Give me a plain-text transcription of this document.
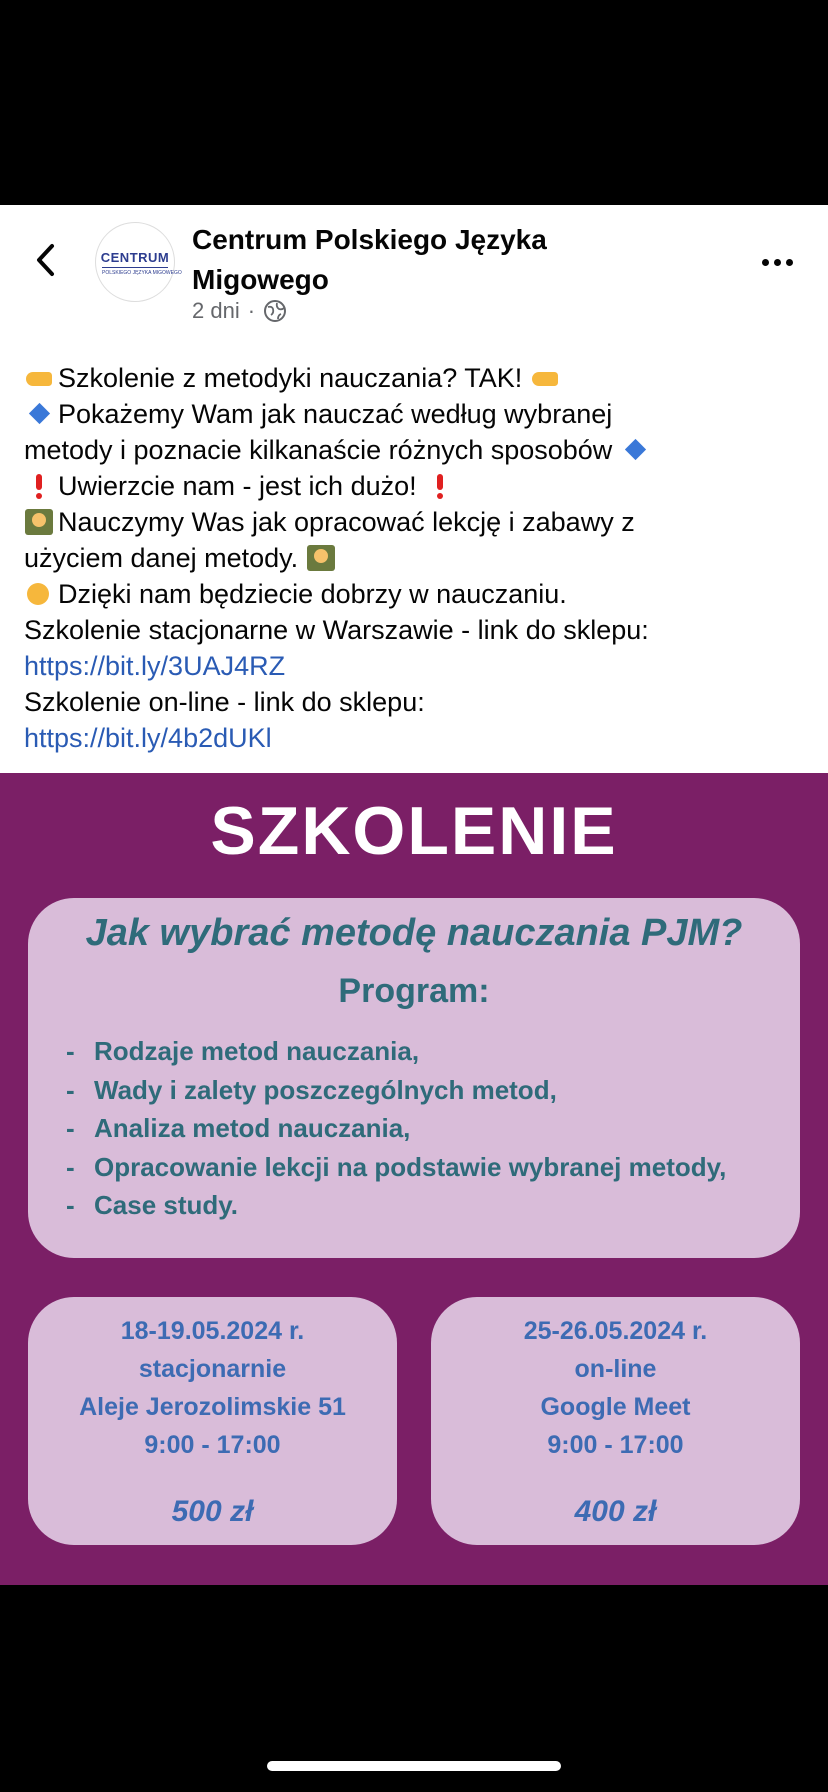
CENTRUM
POLSKIEGO JĘZYKA MIGOWEGO
Centrum Polskiego Języka Migowego
2 dni ·
Szkolenie z metodyki nauczania? TAK!
Pokażemy Wam jak nauczać według wybranej
metody i poznacie kilkanaście różnych sposobów
Uwierzcie nam - jest ich dużo!
Nauczymy Was jak opracować lekcję i zabawy z
użyciem danej metody.
Dzięki nam będziecie dobrzy w nauczaniu.
Szkolenie stacjonarne w Warszawie - link do sklepu:
https://bit.ly/3UAJ4RZ
Szkolenie on-line - link do sklepu:
https://bit.ly/4b2dUKl
SZKOLENIE
Jak wybrać metodę nauczania PJM?
Program:
- Rodzaje metod nauczania,
- Wady i zalety poszczególnych metod,
- Analiza metod nauczania,
- Opracowanie lekcji na podstawie wybranej metody,
- Case study.
18-19.05.2024 r.
stacjonarnie
Aleje Jerozolimskie 51
9:00 - 17:00
500 zł
25-26.05.2024 r.
on-line
Google Meet
9:00 - 17:00
400 zł
